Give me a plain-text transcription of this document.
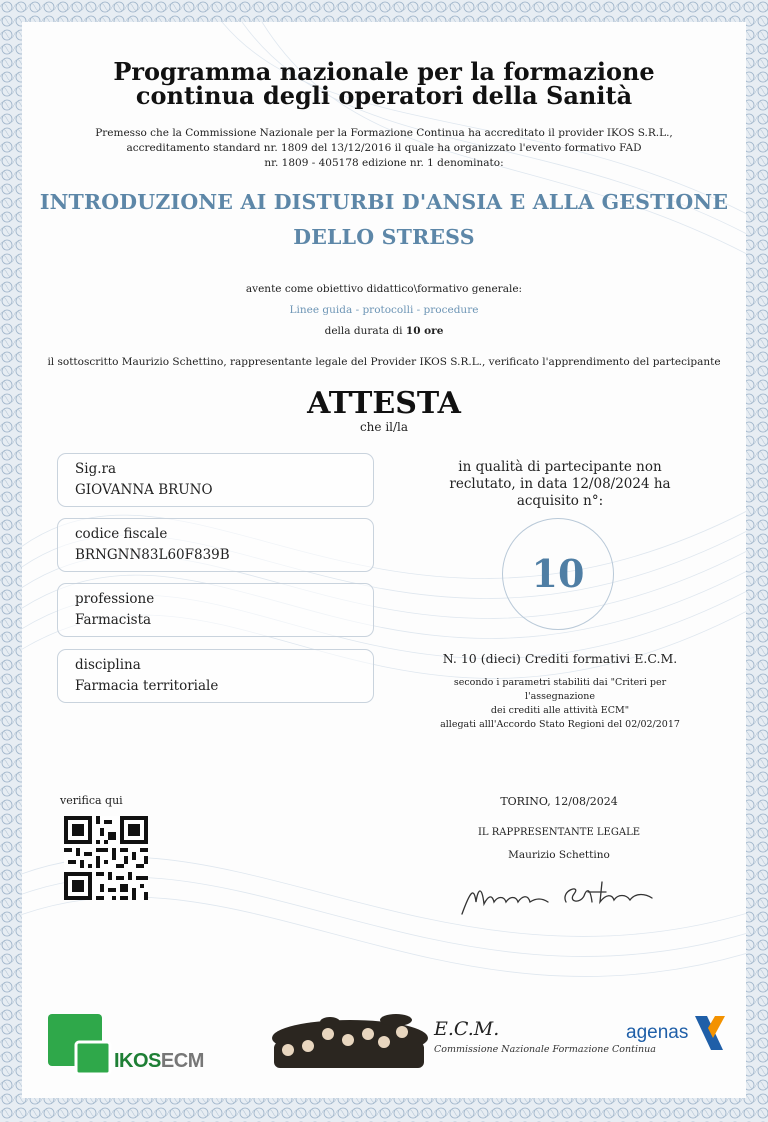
Programma nazionale per la formazione
continua degli operatori della Sanità
Premesso che la Commissione Nazionale per la Formazione Continua ha accreditato il provider IKOS S.R.L.,
accreditamento standard nr. 1809 del 13/12/2016 il quale ha organizzato l'evento formativo FAD
nr. 1809 - 405178 edizione nr. 1 denominato:
INTRODUZIONE AI DISTURBI D'ANSIA E ALLA GESTIONE
DELLO STRESS
avente come obiettivo didattico\formativo generale:
Linee guida - protocolli - procedure
della durata di 10 ore
il sottoscritto Maurizio Schettino, rappresentante legale del Provider IKOS S.R.L., verificato l'apprendimento del partecipante
ATTESTA
che il/la
Sig.ra
GIOVANNA BRUNO
codice fiscale
BRNGNN83L60F839B
professione
Farmacista
disciplina
Farmacia territoriale
in qualità di partecipante non
reclutato, in data 12/08/2024 ha
acquisito n°:
10
N. 10 (dieci) Crediti formativi E.C.M.
secondo i parametri stabiliti dai "Criteri per
l'assegnazione
dei crediti alle attività ECM"
allegati alll'Accordo Stato Regioni del 02/02/2017
verifica qui	TORINO, 12/08/2024
IL RAPPRESENTANTE LEGALE
Maurizio Schettino
IKOSECM
E.C.M.
Commissione Nazionale Formazione Continua
agenas
